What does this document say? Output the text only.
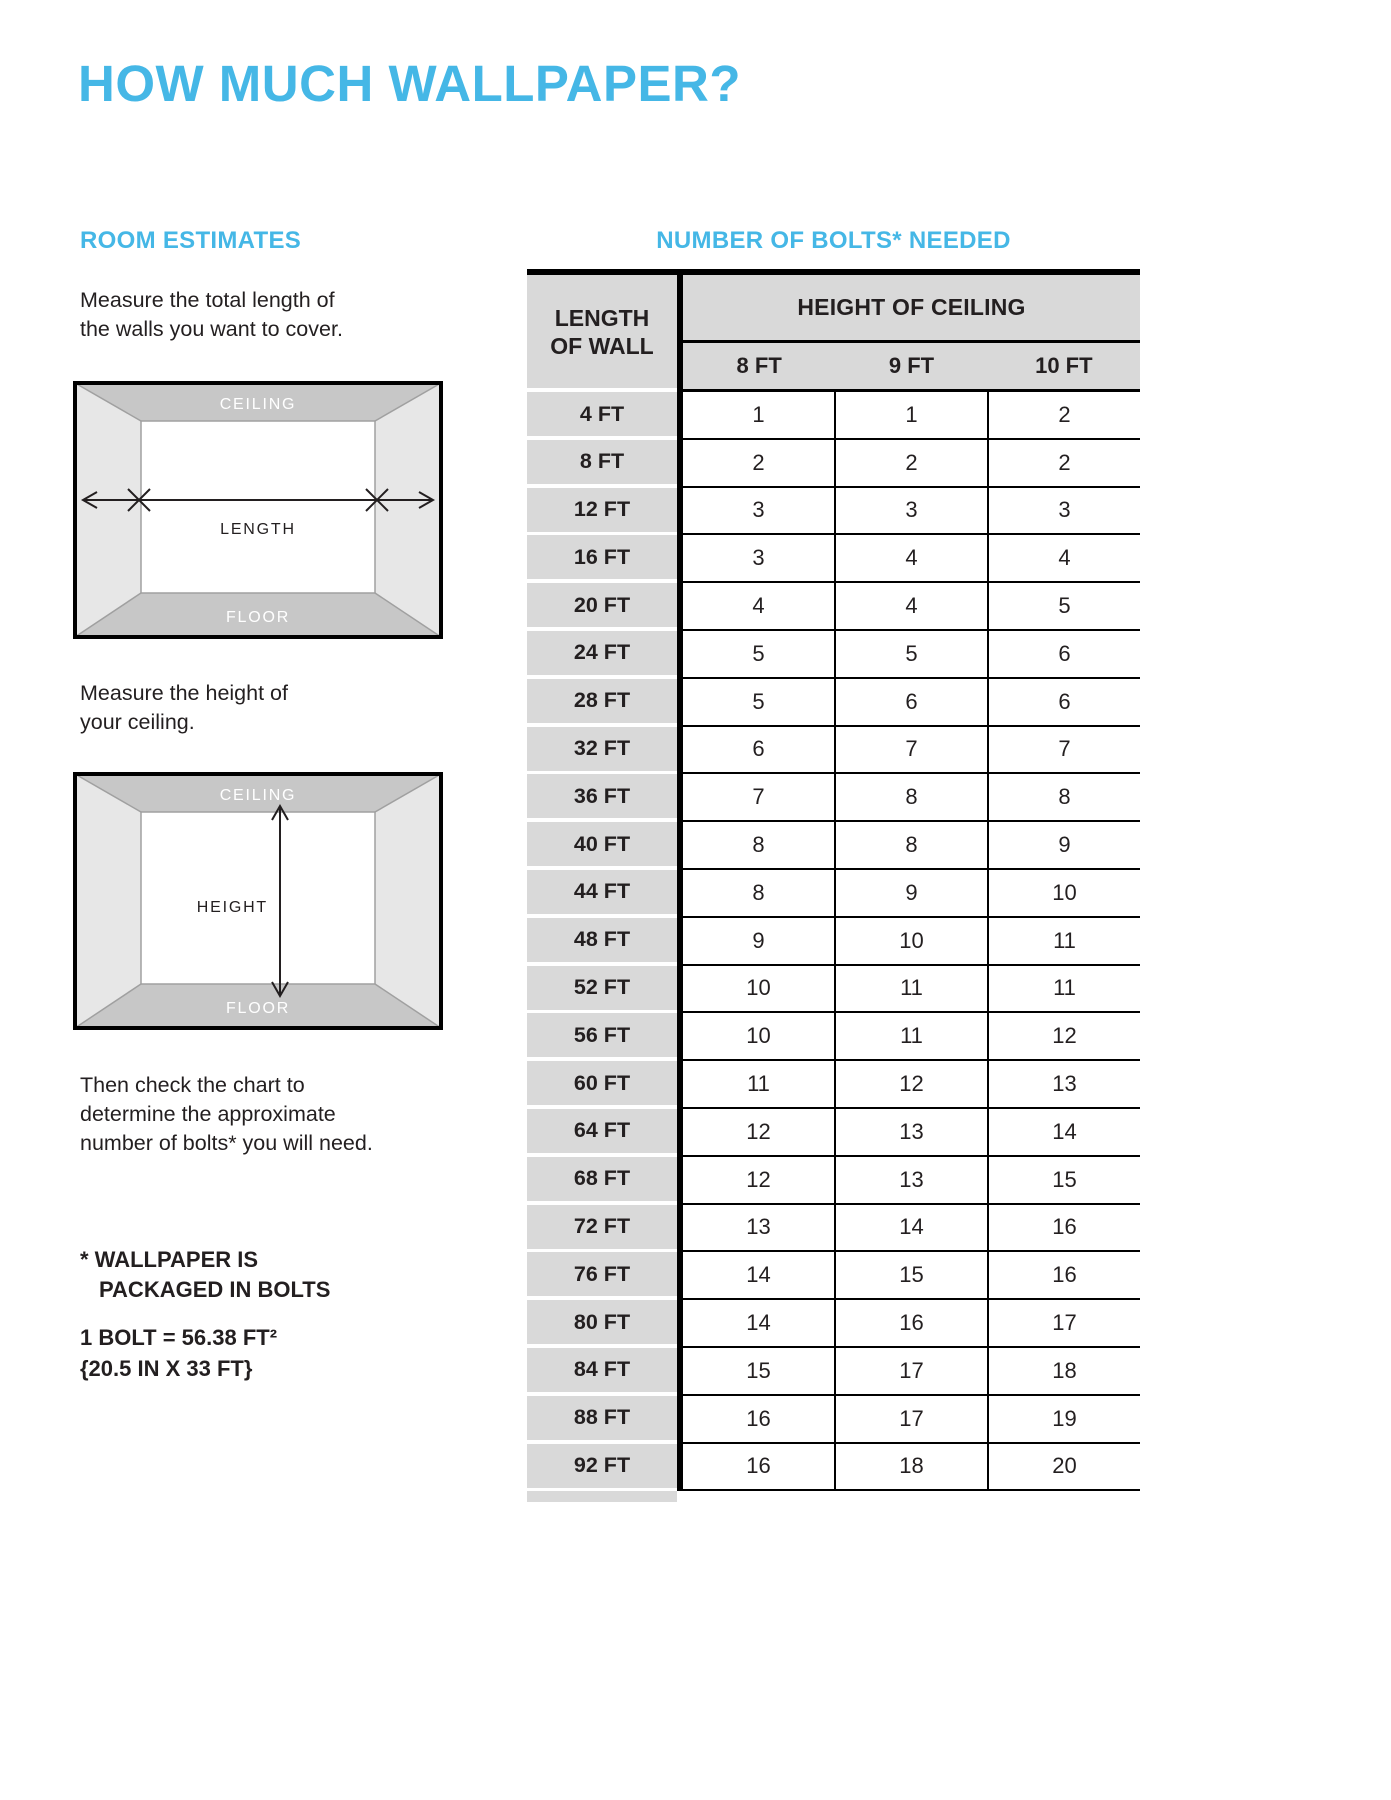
HOW MUCH WALLPAPER?
ROOM ESTIMATES

Measure the total length of
the walls you want to cover.

CEILING
FLOOR
LENGTH

Measure the height of
your ceiling.

CEILING
FLOOR
HEIGHT

Then check the chart to
determine the approximate
number of bolts* you will need.

* WALLPAPER IS
PACKAGED IN BOLTS

1 BOLT = 56.38 FT²
{20.5 IN X 33 FT}

NUMBER OF BOLTS* NEEDED
LENGTH
OF WALL
HEIGHT OF CEILING
8 FT	9 FT	10 FT
4 FT	1	1	2
8 FT	2	2	2
12 FT	3	3	3
16 FT	3	4	4
20 FT	4	4	5
24 FT	5	5	6
28 FT	5	6	6
32 FT	6	7	7
36 FT	7	8	8
40 FT	8	8	9
44 FT	8	9	10
48 FT	9	10	11
52 FT	10	11	11
56 FT	10	11	12
60 FT	11	12	13
64 FT	12	13	14
68 FT	12	13	15
72 FT	13	14	16
76 FT	14	15	16
80 FT	14	16	17
84 FT	15	17	18
88 FT	16	17	19
92 FT	16	18	20
